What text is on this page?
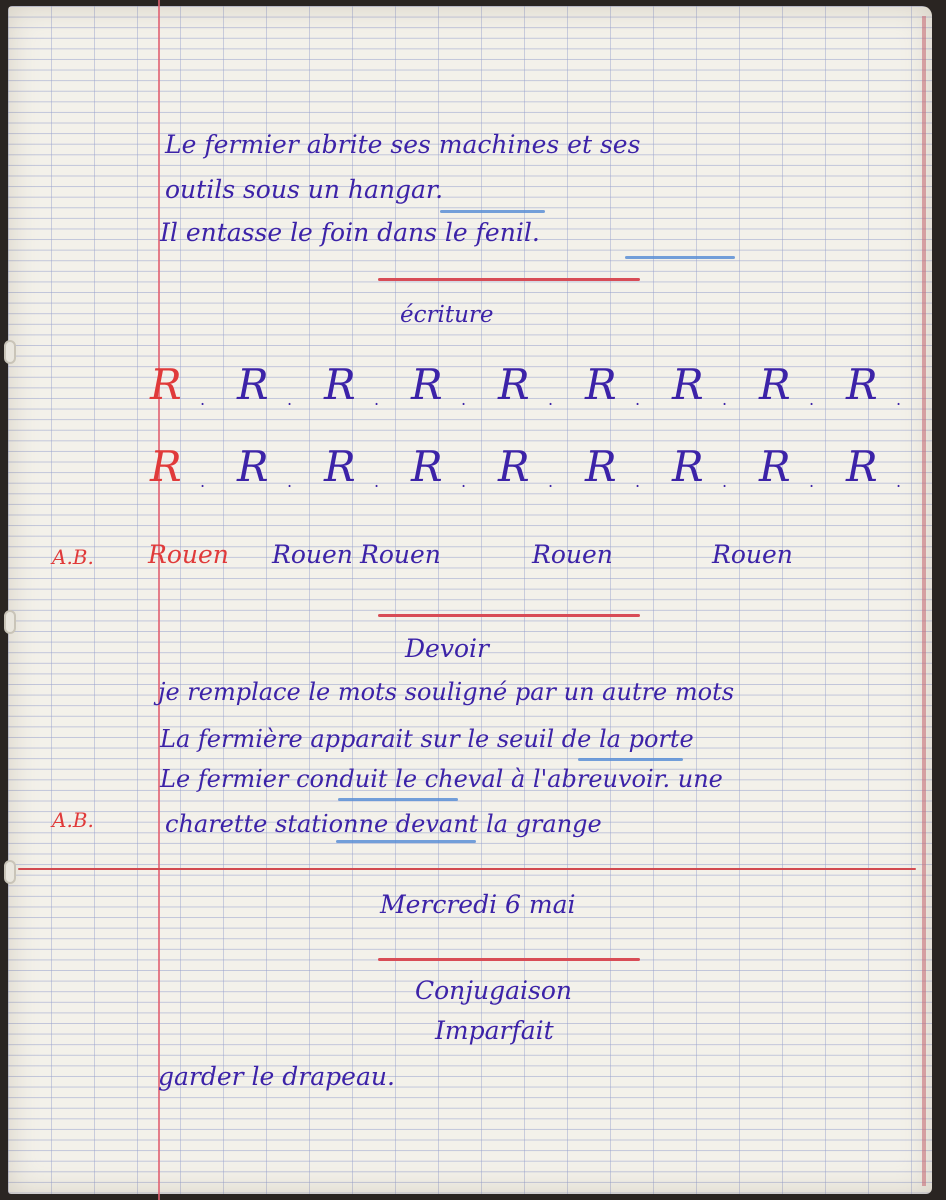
Le fermier abrite ses machines et ses
outils sous un hangar.
Il entasse le foin dans le fenil.
écriture
R . R . R . R . R . R . R . R . R .
R . R . R . R . R . R . R . R . R .
A.B. Rouen Rouen Rouen	Rouen	Rouen
Devoir
je remplace le mots souligné par un autre mots
La fermière apparait sur le seuil de la porte
Le fermier conduit le cheval à l'abreuvoir. une
A.B.	charette stationne devant la grange
Mercredi 6 mai
Conjugaison
Imparfait
garder le drapeau.
